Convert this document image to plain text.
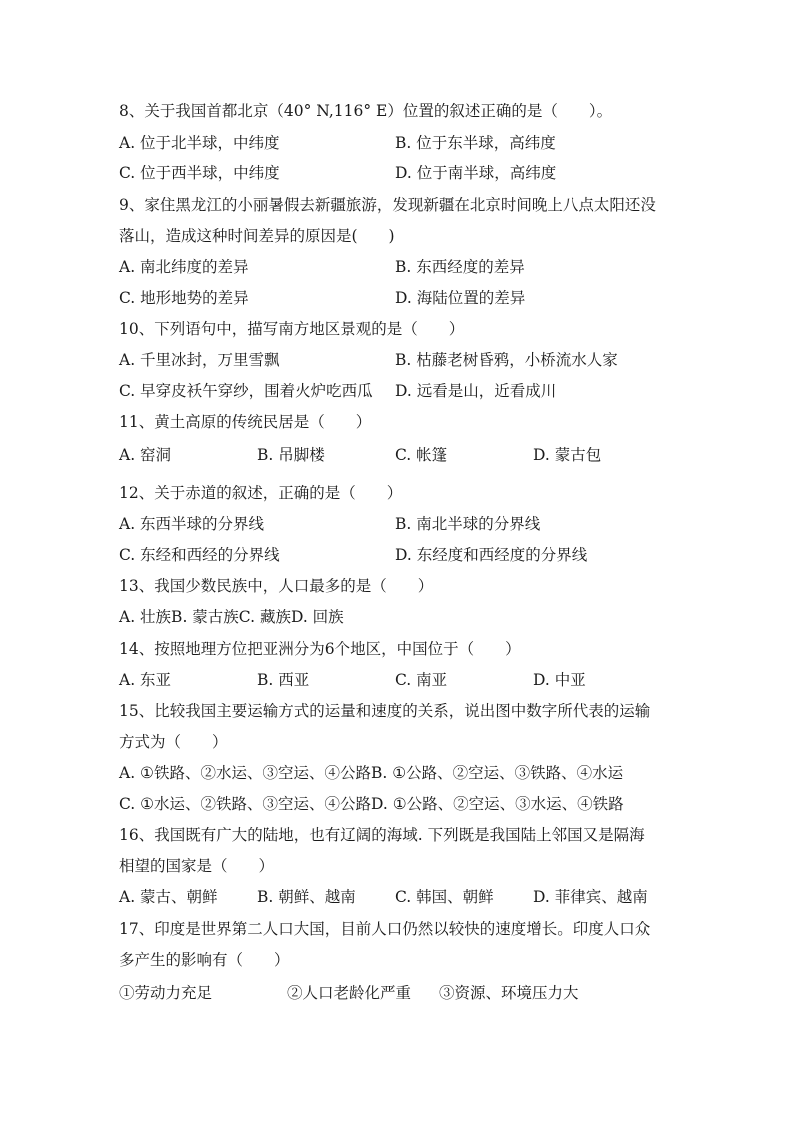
8、关于我国首都北京（40° N,116° E）位置的叙述正确的是（　　）。
A. 位于北半球，中纬度	B. 位于东半球，高纬度
C. 位于西半球，中纬度	D. 位于南半球，高纬度
9、家住黑龙江的小丽暑假去新疆旅游，发现新疆在北京时间晚上八点太阳还没
落山，造成这种时间差异的原因是(　　)
A. 南北纬度的差异	B. 东西经度的差异
C. 地形地势的差异	D. 海陆位置的差异
10、下列语句中，描写南方地区景观的是（　　）
A. 千里冰封，万里雪飘	B. 枯藤老树昏鸦，小桥流水人家
C. 早穿皮袄午穿纱，围着火炉吃西瓜 D. 远看是山，近看成川
11、黄土高原的传统民居是（　　）
A. 窑洞	B. 吊脚楼	C. 帐篷	D. 蒙古包
12、关于赤道的叙述，正确的是（　　）
A. 东西半球的分界线	B. 南北半球的分界线
C. 东经和西经的分界线	D. 东经度和西经度的分界线
13、我国少数民族中，人口最多的是（　　）
A. 壮族B. 蒙古族C. 藏族D. 回族
14、按照地理方位把亚洲分为6个地区，中国位于（　　）
A. 东亚	B. 西亚	C. 南亚	D. 中亚
15、比较我国主要运输方式的运量和速度的关系，说出图中数字所代表的运输
方式为（　　）
A. ①铁路、②水运、③空运、④公路B. ①公路、②空运、③铁路、④水运
C. ①水运、②铁路、③空运、④公路D. ①公路、②空运、③水运、④铁路
16、我国既有广大的陆地，也有辽阔的海域. 下列既是我国陆上邻国又是隔海
相望的国家是（　　）
A. 蒙古、朝鲜	B. 朝鲜、越南	C. 韩国、朝鲜	D. 菲律宾、越南
17、印度是世界第二人口大国，目前人口仍然以较快的速度增长。印度人口众
多产生的影响有（　　）
①劳动力充足	②人口老龄化严重 ③资源、环境压力大
